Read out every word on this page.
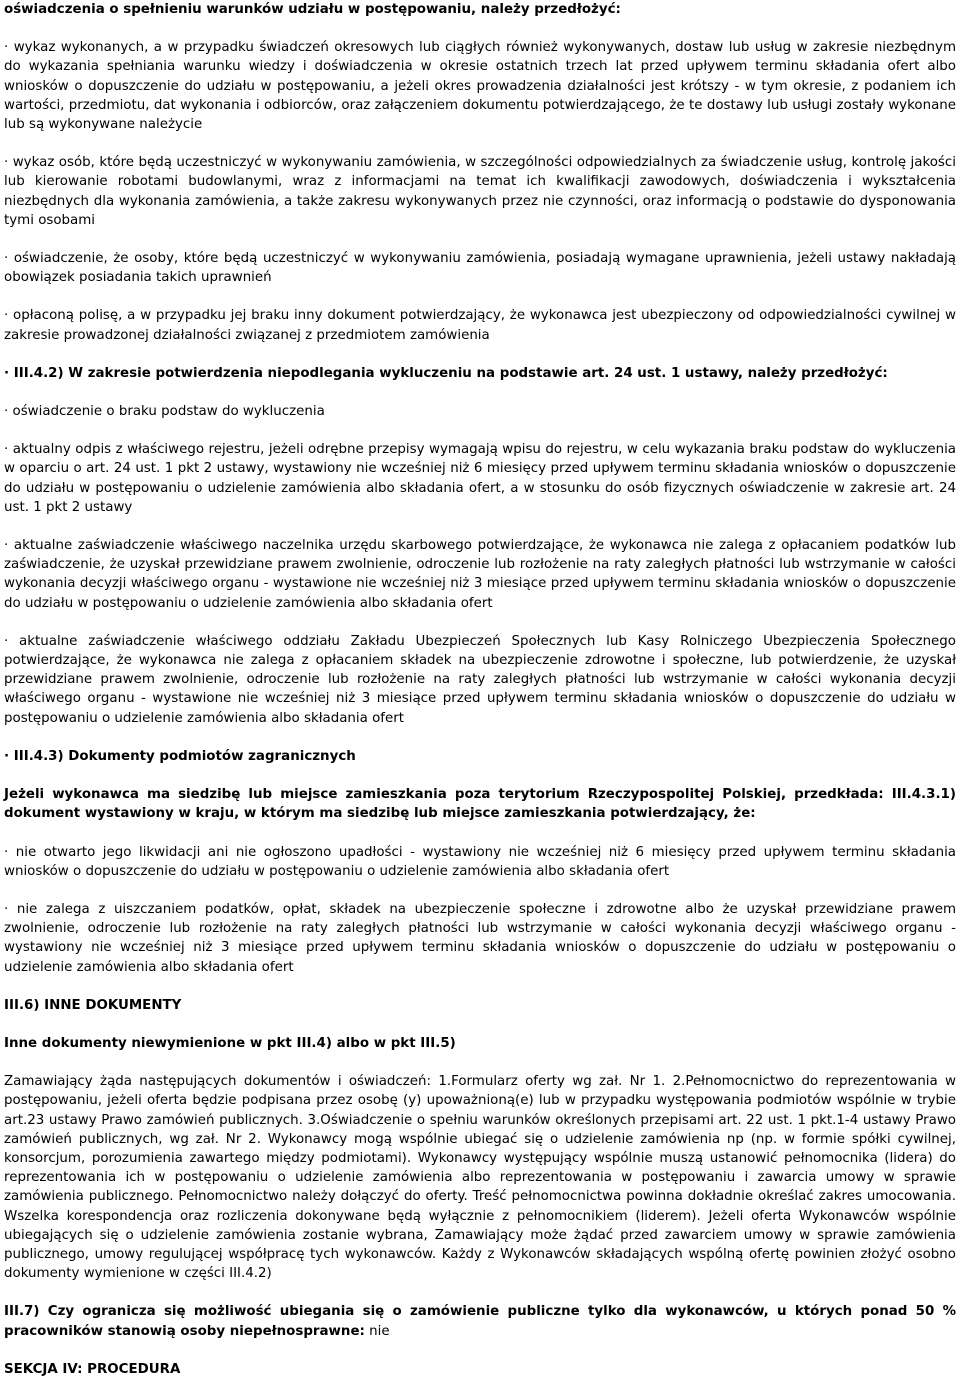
oświadczenia o spełnieniu warunków udziału w postępowaniu, należy przedłożyć:

· wykaz wykonanych, a w przypadku świadczeń okresowych lub ciągłych również wykonywanych, dostaw lub usług w zakresie niezbędnym do wykazania spełniania warunku wiedzy i doświadczenia w okresie ostatnich trzech lat przed upływem terminu składania ofert albo wniosków o dopuszczenie do udziału w postępowaniu, a jeżeli okres prowadzenia działalności jest krótszy - w tym okresie, z podaniem ich wartości, przedmiotu, dat wykonania i odbiorców, oraz załączeniem dokumentu potwierdzającego, że te dostawy lub usługi zostały wykonane lub są wykonywane należycie

· wykaz osób, które będą uczestniczyć w wykonywaniu zamówienia, w szczególności odpowiedzialnych za świadczenie usług, kontrolę jakości lub kierowanie robotami budowlanymi, wraz z informacjami na temat ich kwalifikacji zawodowych, doświadczenia i wykształcenia niezbędnych dla wykonania zamówienia, a także zakresu wykonywanych przez nie czynności, oraz informacją o podstawie do dysponowania tymi osobami

· oświadczenie, że osoby, które będą uczestniczyć w wykonywaniu zamówienia, posiadają wymagane uprawnienia, jeżeli ustawy nakładają obowiązek posiadania takich uprawnień

· opłaconą polisę, a w przypadku jej braku inny dokument potwierdzający, że wykonawca jest ubezpieczony od odpowiedzialności cywilnej w zakresie prowadzonej działalności związanej z przedmiotem zamówienia

· III.4.2) W zakresie potwierdzenia niepodlegania wykluczeniu na podstawie art. 24 ust. 1 ustawy, należy przedłożyć:

· oświadczenie o braku podstaw do wykluczenia

· aktualny odpis z właściwego rejestru, jeżeli odrębne przepisy wymagają wpisu do rejestru, w celu wykazania braku podstaw do wykluczenia w oparciu o art. 24 ust. 1 pkt 2 ustawy, wystawiony nie wcześniej niż 6 miesięcy przed upływem terminu składania wniosków o dopuszczenie do udziału w postępowaniu o udzielenie zamówienia albo składania ofert, a w stosunku do osób fizycznych oświadczenie w zakresie art. 24 ust. 1 pkt 2 ustawy

· aktualne zaświadczenie właściwego naczelnika urzędu skarbowego potwierdzające, że wykonawca nie zalega z opłacaniem podatków lub zaświadczenie, że uzyskał przewidziane prawem zwolnienie, odroczenie lub rozłożenie na raty zaległych płatności lub wstrzymanie w całości wykonania decyzji właściwego organu - wystawione nie wcześniej niż 3 miesiące przed upływem terminu składania wniosków o dopuszczenie do udziału w postępowaniu o udzielenie zamówienia albo składania ofert

· aktualne zaświadczenie właściwego oddziału Zakładu Ubezpieczeń Społecznych lub Kasy Rolniczego Ubezpieczenia Społecznego potwierdzające, że wykonawca nie zalega z opłacaniem składek na ubezpieczenie zdrowotne i społeczne, lub potwierdzenie, że uzyskał przewidziane prawem zwolnienie, odroczenie lub rozłożenie na raty zaległych płatności lub wstrzymanie w całości wykonania decyzji właściwego organu - wystawione nie wcześniej niż 3 miesiące przed upływem terminu składania wniosków o dopuszczenie do udziału w postępowaniu o udzielenie zamówienia albo składania ofert

· III.4.3) Dokumenty podmiotów zagranicznych

Jeżeli wykonawca ma siedzibę lub miejsce zamieszkania poza terytorium Rzeczypospolitej Polskiej, przedkłada: III.4.3.1) dokument wystawiony w kraju, w którym ma siedzibę lub miejsce zamieszkania potwierdzający, że:

· nie otwarto jego likwidacji ani nie ogłoszono upadłości - wystawiony nie wcześniej niż 6 miesięcy przed upływem terminu składania wniosków o dopuszczenie do udziału w postępowaniu o udzielenie zamówienia albo składania ofert

· nie zalega z uiszczaniem podatków, opłat, składek na ubezpieczenie społeczne i zdrowotne albo że uzyskał przewidziane prawem zwolnienie, odroczenie lub rozłożenie na raty zaległych płatności lub wstrzymanie w całości wykonania decyzji właściwego organu - wystawiony nie wcześniej niż 3 miesiące przed upływem terminu składania wniosków o dopuszczenie do udziału w postępowaniu o udzielenie zamówienia albo składania ofert

III.6) INNE DOKUMENTY

Inne dokumenty niewymienione w pkt III.4) albo w pkt III.5)

Zamawiający żąda następujących dokumentów i oświadczeń: 1.Formularz oferty wg zał. Nr 1. 2.Pełnomocnictwo do reprezentowania w postępowaniu, jeżeli oferta będzie podpisana przez osobę (y) upoważnioną(e) lub w przypadku występowania podmiotów wspólnie w trybie art.23 ustawy Prawo zamówień publicznych. 3.Oświadczenie o spełniu warunków określonych przepisami art. 22 ust. 1 pkt.1-4 ustawy Prawo zamówień publicznych, wg zał. Nr 2. Wykonawcy mogą wspólnie ubiegać się o udzielenie zamówienia np (np. w formie spółki cywilnej, konsorcjum, porozumienia zawartego między podmiotami). Wykonawcy występujący wspólnie muszą ustanowić pełnomocnika (lidera) do reprezentowania ich w postępowaniu o udzielenie zamówienia albo reprezentowania w postępowaniu i zawarcia umowy w sprawie zamówienia publicznego. Pełnomocnictwo należy dołączyć do oferty. Treść pełnomocnictwa powinna dokładnie określać zakres umocowania. Wszelka korespondencja oraz rozliczenia dokonywane będą wyłącznie z pełnomocnikiem (liderem). Jeżeli oferta Wykonawców wspólnie ubiegających się o udzielenie zamówienia zostanie wybrana, Zamawiający może żądać przed zawarciem umowy w sprawie zamówienia publicznego, umowy regulującej współpracę tych wykonawców. Każdy z Wykonawców składających wspólną ofertę powinien złożyć osobno dokumenty wymienione w części III.4.2)

III.7) Czy ogranicza się możliwość ubiegania się o zamówienie publiczne tylko dla wykonawców, u których ponad 50 % pracowników stanowią osoby niepełnosprawne: nie

SEKCJA IV: PROCEDURA
